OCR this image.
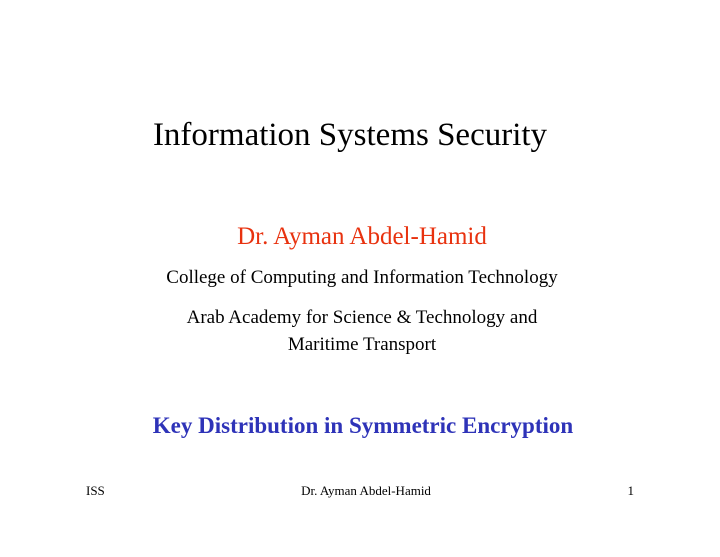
Information Systems Security
Dr. Ayman Abdel-Hamid
College of Computing and Information Technology
Arab Academy for Science & Technology and
Maritime Transport
Key Distribution in Symmetric Encryption
ISS	Dr. Ayman Abdel-Hamid	1
